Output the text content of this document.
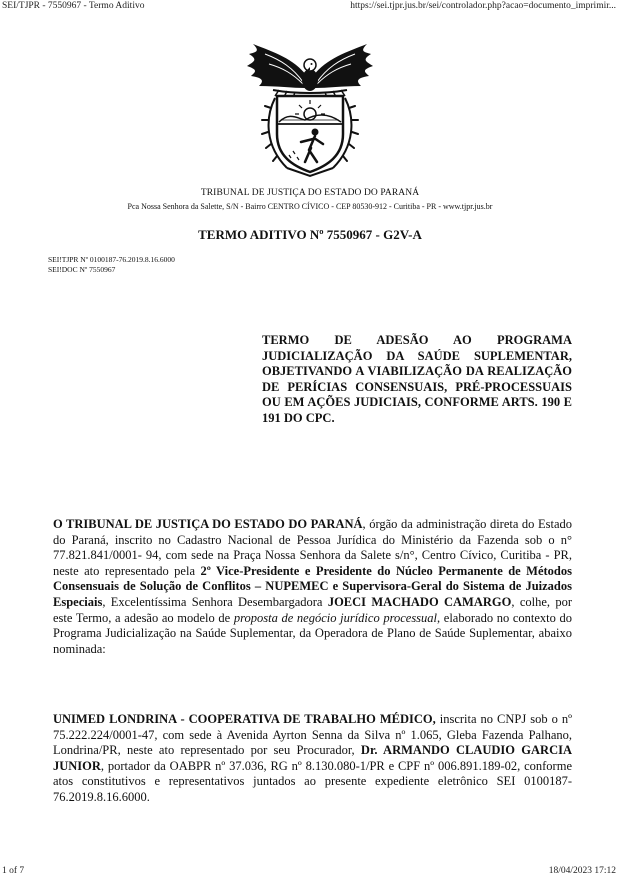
SEI/TJPR - 7550967 - Termo Aditivo	https://sei.tjpr.jus.br/sei/controlador.php?acao=documento_imprimir...
TRIBUNAL DE JUSTIÇA DO ESTADO DO PARANÁ
Pca Nossa Senhora da Salette, S/N - Bairro CENTRO CÍVICO - CEP 80530-912 - Curitiba - PR - www.tjpr.jus.br
TERMO ADITIVO Nº 7550967 - G2V-A
SEI!TJPR Nº 0100187-76.2019.8.16.6000
SEI!DOC Nº 7550967
TERMO DE ADESÃO AO PROGRAMA JUDICIALIZAÇÃO DA SAÚDE SUPLEMENTAR, OBJETIVANDO A VIABILIZAÇÃO DA REALIZAÇÃO DE PERÍCIAS CONSENSUAIS, PRÉ-PROCESSUAIS OU EM AÇÕES JUDICIAIS, CONFORME ARTS. 190 E 191 DO CPC.
O TRIBUNAL DE JUSTIÇA DO ESTADO DO PARANÁ, órgão da administração direta do Estado do Paraná, inscrito no Cadastro Nacional de Pessoa Jurídica do Ministério da Fazenda sob o n° 77.821.841/0001- 94, com sede na Praça Nossa Senhora da Salete s/n°, Centro Cívico, Curitiba - PR, neste ato representado pela 2º Vice-Presidente e Presidente do Núcleo Permanente de Métodos Consensuais de Solução de Conflitos – NUPEMEC e Supervisora-Geral do Sistema de Juizados Especiais, Excelentíssima Senhora Desembargadora JOECI MACHADO CAMARGO, colhe, por este Termo, a adesão ao modelo de proposta de negócio jurídico processual, elaborado no contexto do Programa Judicialização na Saúde Suplementar, da Operadora de Plano de Saúde Suplementar, abaixo nominada:
UNIMED LONDRINA - COOPERATIVA DE TRABALHO MÉDICO, inscrita no CNPJ sob o nº 75.222.224/0001-47, com sede à Avenida Ayrton Senna da Silva nº 1.065, Gleba Fazenda Palhano, Londrina/PR, neste ato representado por seu Procurador, Dr. ARMANDO CLAUDIO GARCIA JUNIOR, portador da OABPR nº 37.036, RG nº 8.130.080-1/PR e CPF nº 006.891.189-02, conforme atos constitutivos e representativos juntados ao presente expediente eletrônico SEI 0100187-76.2019.8.16.6000.
1 of 7	18/04/2023 17:12
